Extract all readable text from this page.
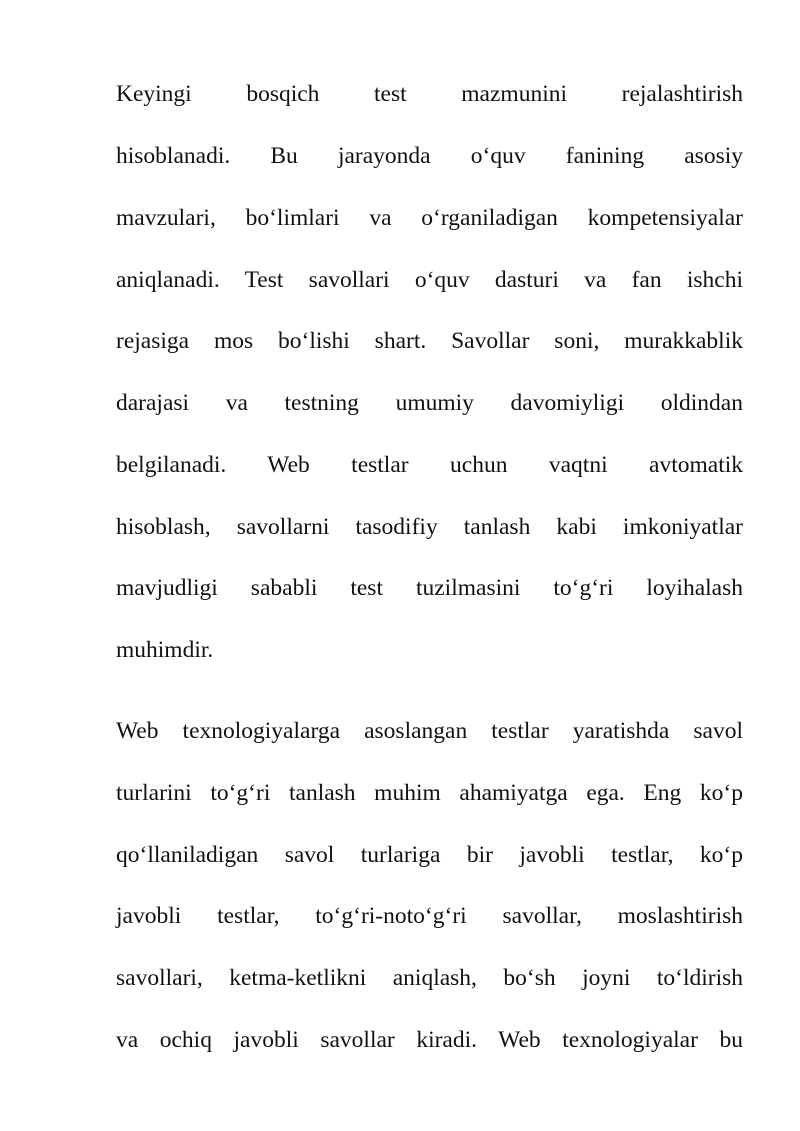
Keyingi bosqich test mazmunini rejalashtirish
hisoblanadi. Bu jarayonda o‘quv fanining asosiy
mavzulari, bo‘limlari va o‘rganiladigan kompetensiyalar
aniqlanadi. Test savollari o‘quv dasturi va fan ishchi
rejasiga mos bo‘lishi shart. Savollar soni, murakkablik
darajasi va testning umumiy davomiyligi oldindan
belgilanadi. Web testlar uchun vaqtni avtomatik
hisoblash, savollarni tasodifiy tanlash kabi imkoniyatlar
mavjudligi sababli test tuzilmasini to‘g‘ri loyihalash
muhimdir.
Web texnologiyalarga asoslangan testlar yaratishda savol
turlarini to‘g‘ri tanlash muhim ahamiyatga ega. Eng ko‘p
qo‘llaniladigan savol turlariga bir javobli testlar, ko‘p
javobli testlar, to‘g‘ri-noto‘g‘ri savollar, moslashtirish
savollari, ketma-ketlikni aniqlash, bo‘sh joyni to‘ldirish
va ochiq javobli savollar kiradi. Web texnologiyalar bu
